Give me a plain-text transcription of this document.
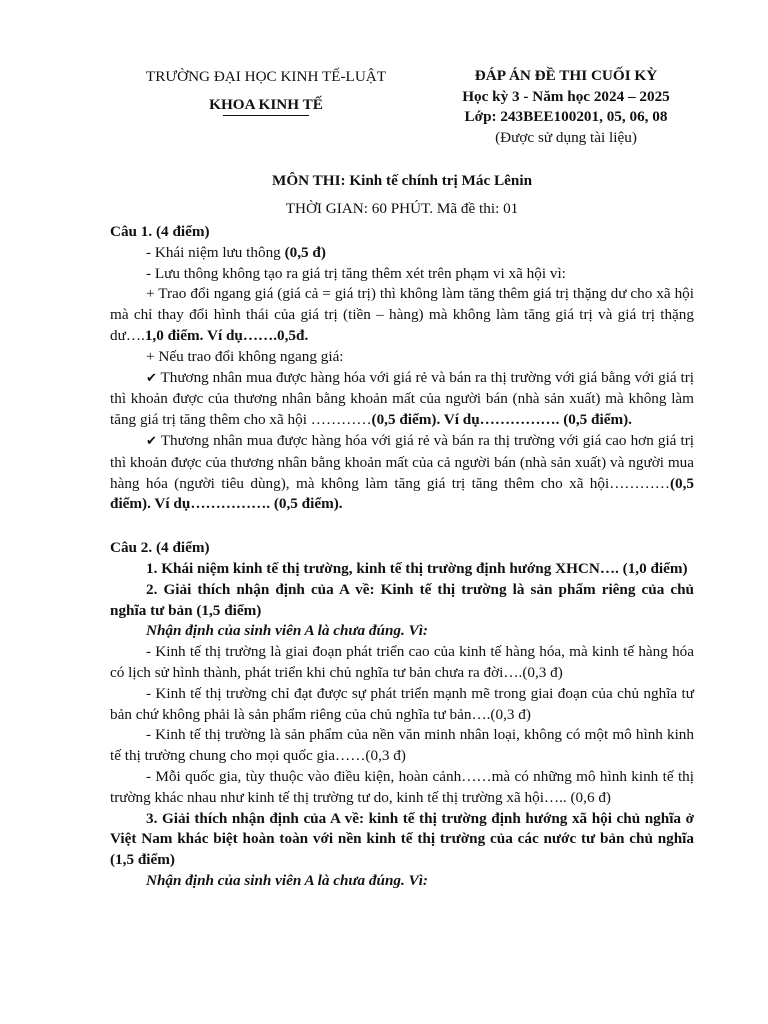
TRƯỜNG ĐẠI HỌC KINH TẾ-LUẬT
KHOA KINH TẾ
ĐÁP ÁN ĐỀ THI CUỐI KỲ
Học kỳ 3 - Năm học 2024 – 2025
Lớp: 243BEE100201, 05, 06, 08
(Được sử dụng tài liệu)
MÔN THI: Kinh tế chính trị Mác Lênin
THỜI GIAN: 60 PHÚT. Mã đề thi: 01

Câu 1. (4 điểm)

- Khái niệm lưu thông (0,5 đ)

- Lưu thông không tạo ra giá trị tăng thêm xét trên phạm vi xã hội vì:

+ Trao đổi ngang giá (giá cả = giá trị) thì không làm tăng thêm giá trị thặng dư cho xã hội mà chỉ thay đổi hình thái của giá trị (tiền – hàng) mà không làm tăng giá trị và giá trị thặng dư….1,0 điểm. Ví dụ…….0,5đ.

+ Nếu trao đổi không ngang giá:

✔ Thương nhân mua được hàng hóa với giá rẻ và bán ra thị trường với giá bằng với giá trị thì khoản được của thương nhân bằng khoản mất của người bán (nhà sản xuất) mà không làm tăng giá trị tăng thêm cho xã hội …………(0,5 điểm). Ví dụ……………. (0,5 điểm).

✔ Thương nhân mua được hàng hóa với giá rẻ và bán ra thị trường với giá cao hơn giá trị thì khoản được của thương nhân bằng khoản mất của cả người bán (nhà sản xuất) và người mua hàng hóa (người tiêu dùng), mà không làm tăng giá trị tăng thêm cho xã hội…………(0,5 điểm). Ví dụ……………. (0,5 điểm).

Câu 2. (4 điểm)

1. Khái niệm kinh tế thị trường, kinh tế thị trường định hướng XHCN…. (1,0 điểm)

2. Giải thích nhận định của A về: Kinh tế thị trường là sản phẩm riêng của chủ nghĩa tư bản (1,5 điểm)

Nhận định của sinh viên A là chưa đúng. Vì:

- Kinh tế thị trường là giai đoạn phát triển cao của kinh tế hàng hóa, mà kinh tế hàng hóa có lịch sử hình thành, phát triển khi chủ nghĩa tư bản chưa ra đời….(0,3 đ)

- Kinh tế thị trường chỉ đạt được sự phát triển mạnh mẽ trong giai đoạn của chủ nghĩa tư bản chứ không phải là sản phẩm riêng của chủ nghĩa tư bản….(0,3 đ)

- Kinh tế thị trường là sản phẩm của nền văn minh nhân loại, không có một mô hình kinh tế thị trường chung cho mọi quốc gia……(0,3 đ)

- Mỗi quốc gia, tùy thuộc vào điều kiện, hoàn cảnh……mà có những mô hình kinh tế thị trường khác nhau như kinh tế thị trường tư do, kinh tế thị trường xã hội….. (0,6 đ)

3. Giải thích nhận định của A về: kinh tế thị trường định hướng xã hội chủ nghĩa ở Việt Nam khác biệt hoàn toàn với nền kinh tế thị trường của các nước tư bản chủ nghĩa (1,5 điểm)

Nhận định của sinh viên A là chưa đúng. Vì:
